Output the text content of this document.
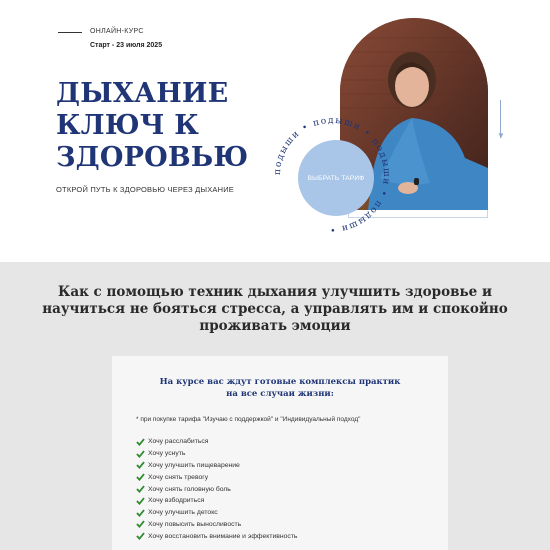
ОНЛАЙН-КУРС
Старт - 23 июля 2025
ДЫХАНИЕ КЛЮЧ К ЗДОРОВЬЮ
ОТКРОЙ ПУТЬ К ЗДОРОВЬЮ ЧЕРЕЗ ДЫХАНИЕ
▼
подыши • подыши • подыши • подыши •
ВЫБРАТЬ ТАРИФ
Как с помощью техник дыхания улучшить здоровье и научиться не бояться стресса, а управлять им и спокойно проживать эмоции
На курсе вас ждут готовые комплексы практик
на все случаи жизни:
* при покупке тарифа "Изучаю с поддержкой" и "Индивидуальный подход"
Хочу расслабиться
Хочу уснуть
Хочу улучшить пищеварение
Хочу снять тревогу
Хочу снять головную боль
Хочу взбодриться
Хочу улучшить детокс
Хочу повысить выносливость
Хочу восстановить внимание и эффективность
